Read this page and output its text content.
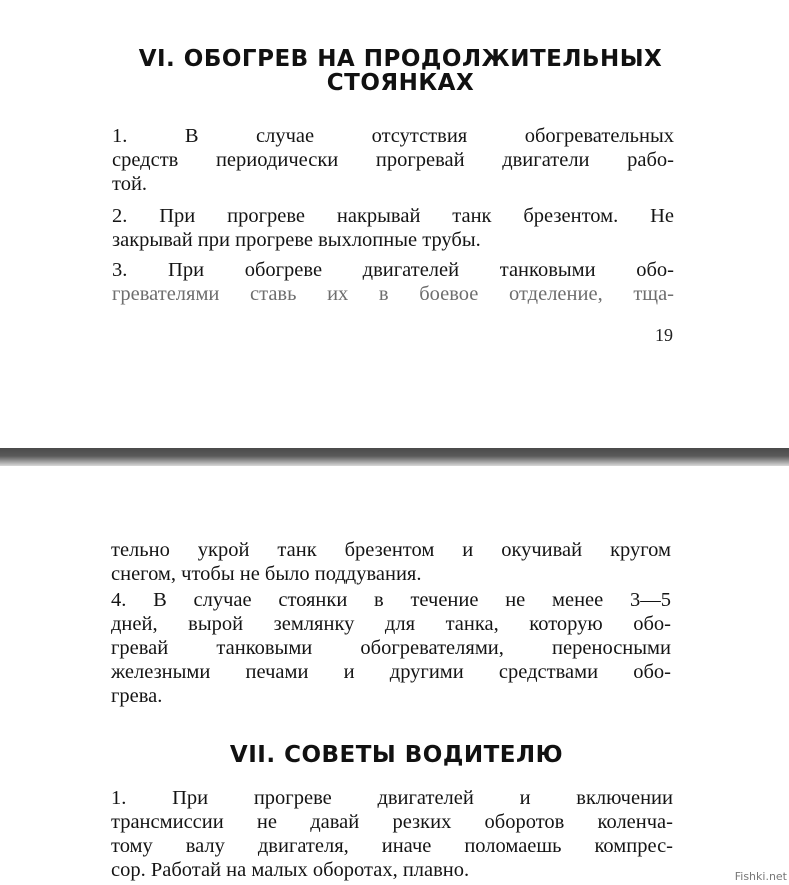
VI. ОБОГРЕВ НА ПРОДОЛЖИТЕЛЬНЫХ
СТОЯНКАХ
1. В случае отсутствия обогревательных
средств периодически прогревай двигатели рабо-
той.
2. При прогреве накрывай танк брезентом. Не
закрывай при прогреве выхлопные трубы.
3. При обогреве двигателей танковыми обо-
гревателями ставь их в боевое отделение, тща-
19
тельно укрой танк брезентом и окучивай кругом
снегом, чтобы не было поддувания.
4. В случае стоянки в течение не менее 3—5
дней, вырой землянку для танка, которую обо-
гревай танковыми обогревателями, переносными
железными печами и другими средствами обо-
грева.
VII. СОВЕТЫ ВОДИТЕЛЮ
1. При прогреве двигателей и включении
трансмиссии не давай резких оборотов коленча-
тому валу двигателя, иначе поломаешь компрес-
сор. Работай на малых оборотах, плавно.	Fishki.net
